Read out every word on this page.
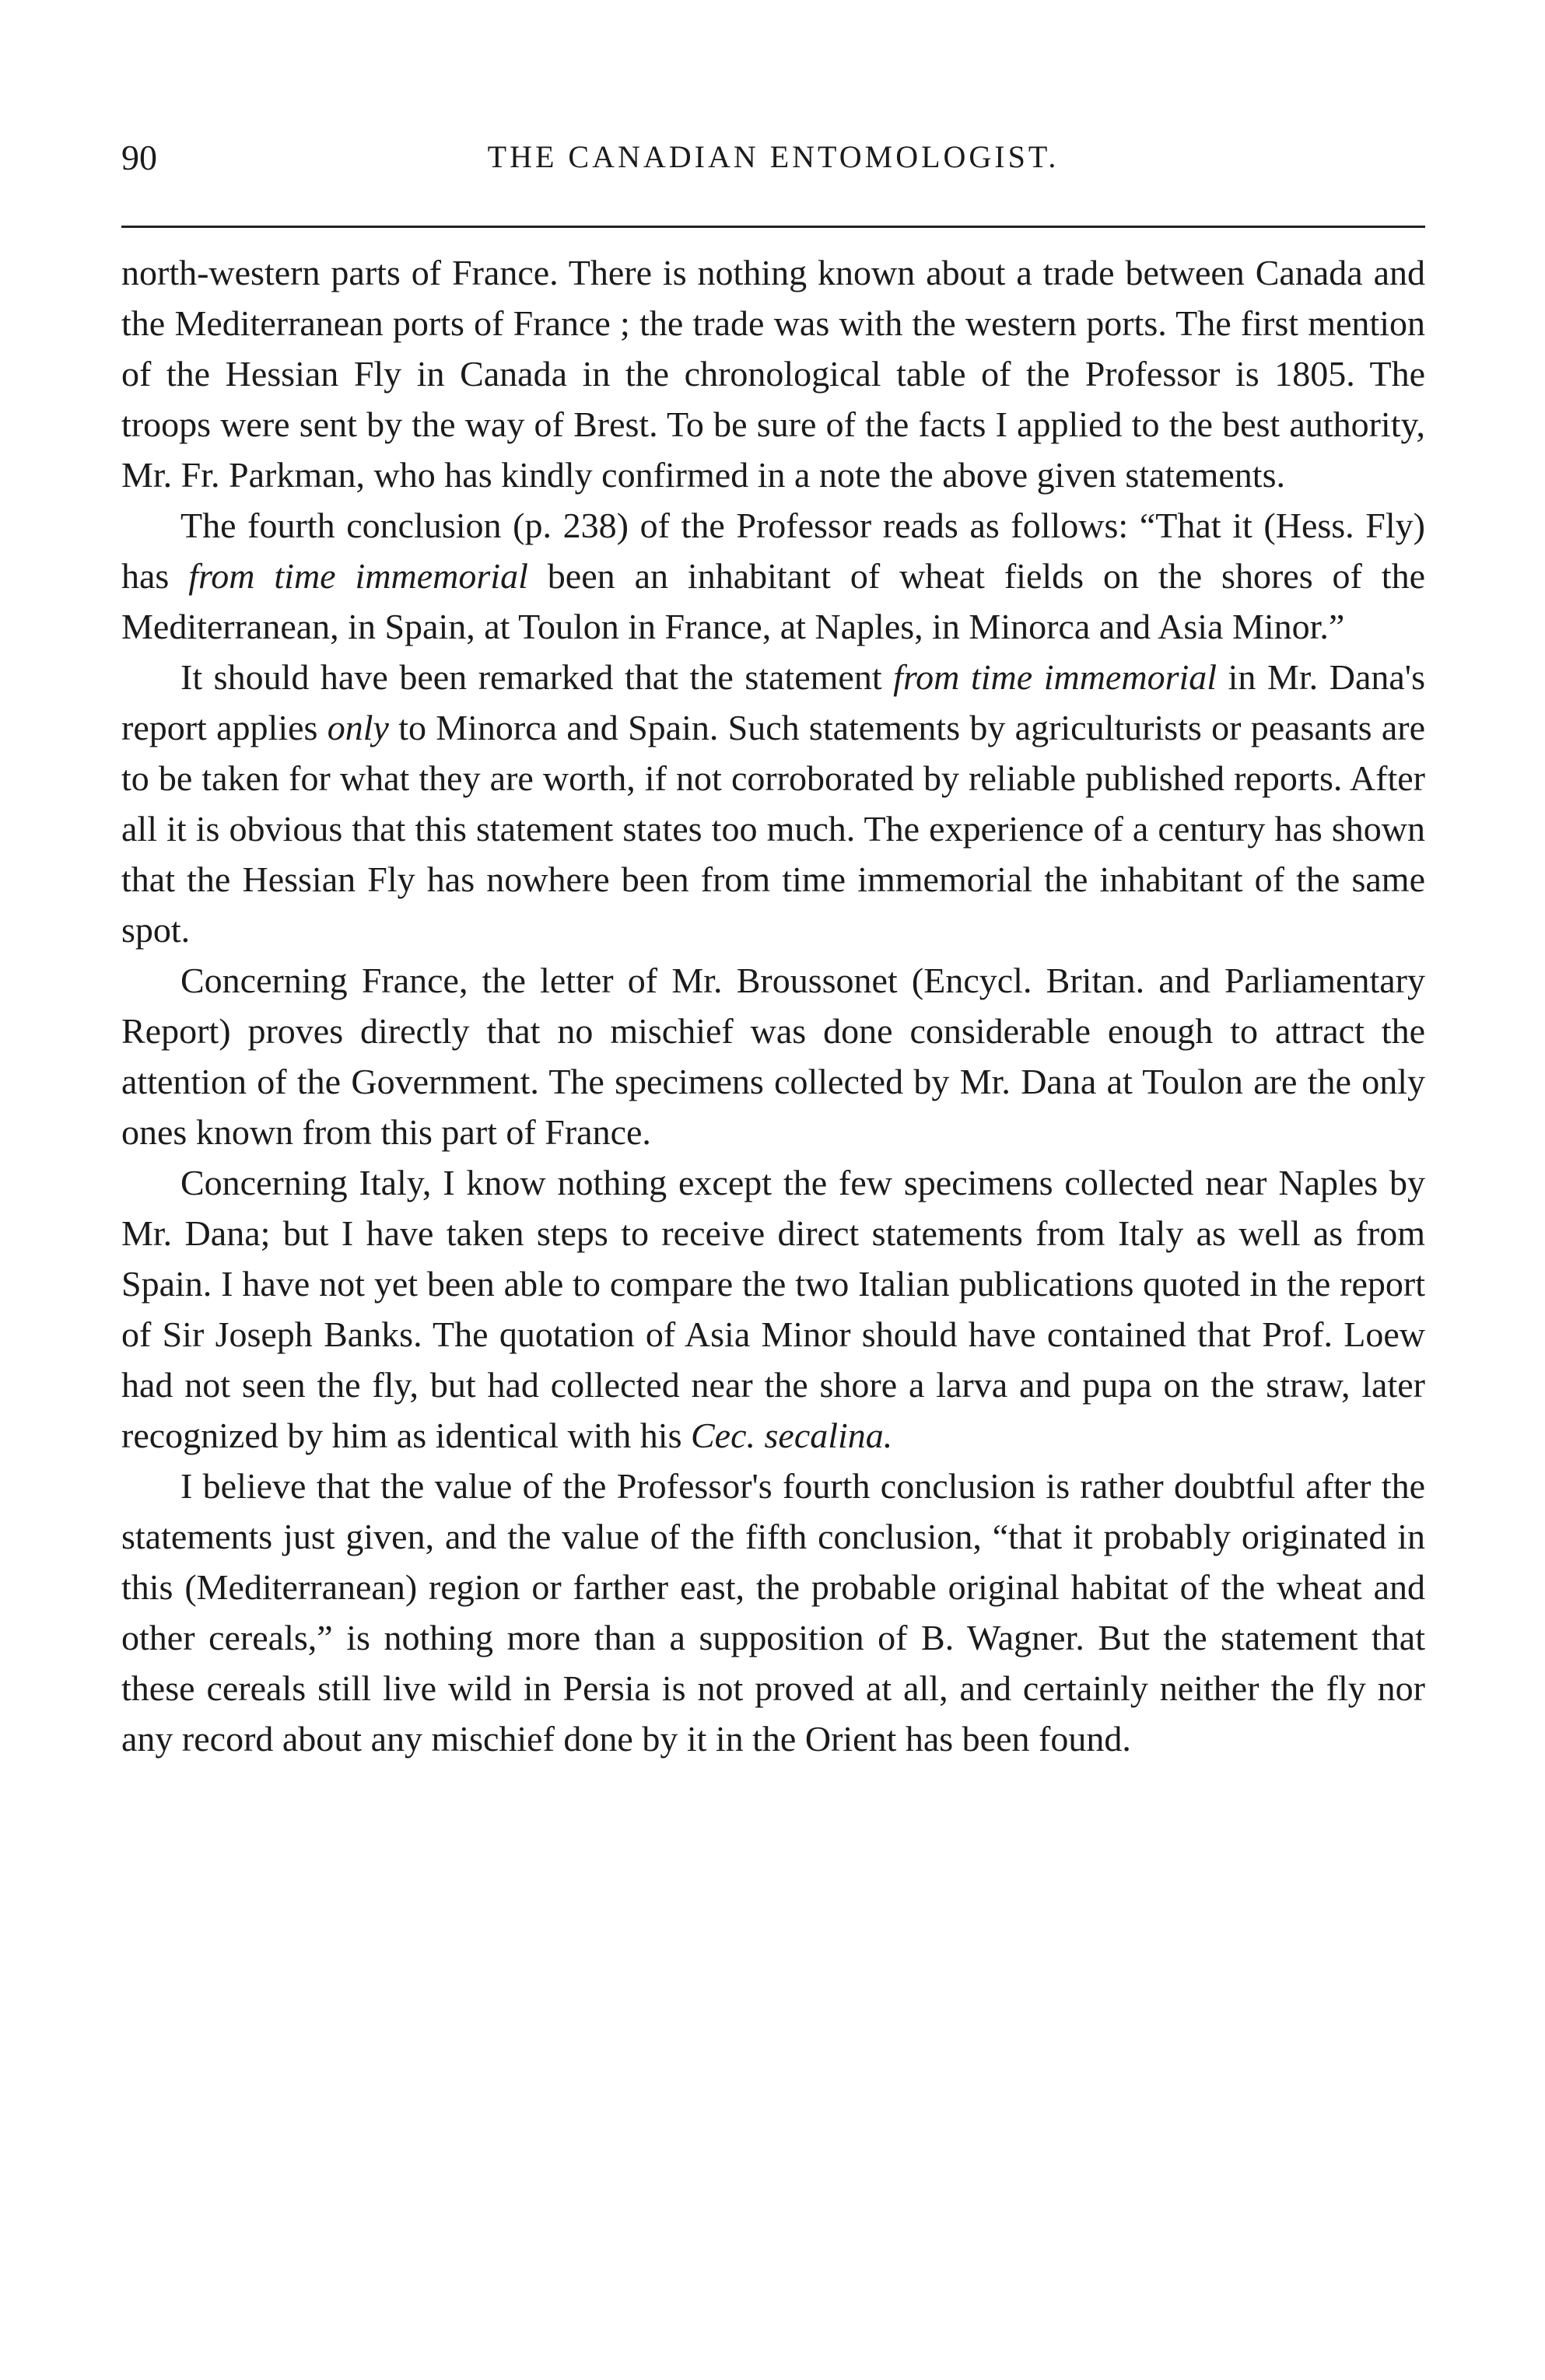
90	THE CANADIAN ENTOMOLOGIST.

north-western parts of France. There is nothing known about a trade between Canada and the Mediterranean ports of France ; the trade was with the western ports. The first mention of the Hessian Fly in Canada in the chronological table of the Professor is 1805. The troops were sent by the way of Brest. To be sure of the facts I applied to the best authority, Mr. Fr. Parkman, who has kindly confirmed in a note the above given statements.

The fourth conclusion (p. 238) of the Professor reads as follows: “That it (Hess. Fly) has from time immemorial been an inhabitant of wheat fields on the shores of the Mediterranean, in Spain, at Toulon in France, at Naples, in Minorca and Asia Minor.”

It should have been remarked that the statement from time immemorial in Mr. Dana's report applies only to Minorca and Spain. Such statements by agriculturists or peasants are to be taken for what they are worth, if not corroborated by reliable published reports. After all it is obvious that this statement states too much. The experience of a century has shown that the Hessian Fly has nowhere been from time immemorial the inhabitant of the same spot.

Concerning France, the letter of Mr. Broussonet (Encycl. Britan. and Parliamentary Report) proves directly that no mischief was done considerable enough to attract the attention of the Government. The specimens collected by Mr. Dana at Toulon are the only ones known from this part of France.

Concerning Italy, I know nothing except the few specimens collected near Naples by Mr. Dana; but I have taken steps to receive direct statements from Italy as well as from Spain. I have not yet been able to compare the two Italian publications quoted in the report of Sir Joseph Banks. The quotation of Asia Minor should have contained that Prof. Loew had not seen the fly, but had collected near the shore a larva and pupa on the straw, later recognized by him as identical with his Cec. secalina.

I believe that the value of the Professor's fourth conclusion is rather doubtful after the statements just given, and the value of the fifth conclusion, “that it probably originated in this (Mediterranean) region or farther east, the probable original habitat of the wheat and other cereals,” is nothing more than a supposition of B. Wagner. But the statement that these cereals still live wild in Persia is not proved at all, and certainly neither the fly nor any record about any mischief done by it in the Orient has been found.
